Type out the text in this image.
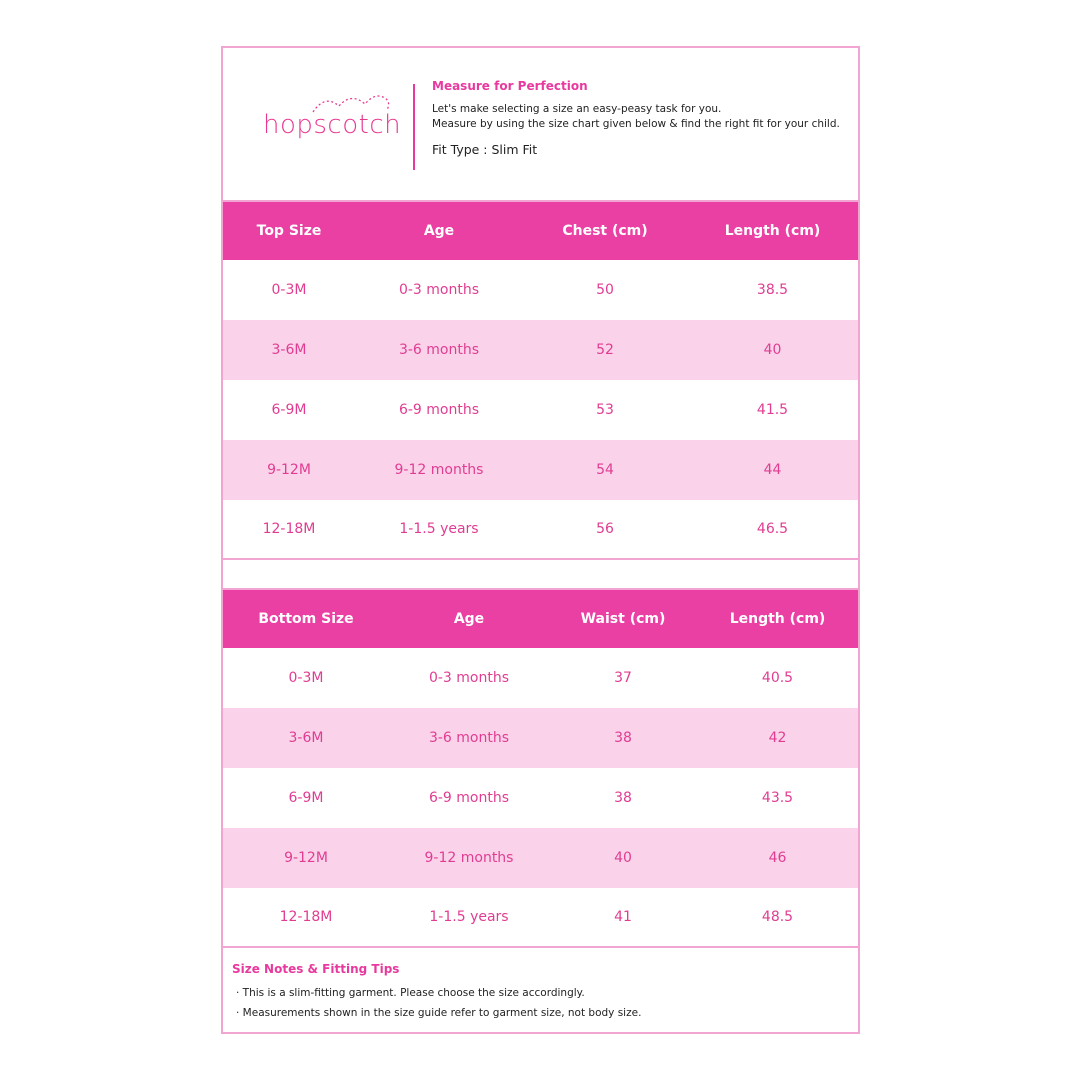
hopscotch
Measure for Perfection
Let's make selecting a size an easy-peasy task for you.
Measure by using the size chart given below & find the right fit for your child.
Fit Type : Slim Fit
Top Size	Age	Chest (cm)	Length (cm)
0-3M	0-3 months	50	38.5
3-6M	3-6 months	52	40
6-9M	6-9 months	53	41.5
9-12M	9-12 months	54	44
12-18M	1-1.5 years	56	46.5
Bottom Size	Age	Waist (cm)	Length (cm)
0-3M	0-3 months	37	40.5
3-6M	3-6 months	38	42
6-9M	6-9 months	38	43.5
9-12M	9-12 months	40	46
12-18M	1-1.5 years	41	48.5
Size Notes & Fitting Tips
· This is a slim-fitting garment. Please choose the size accordingly.
· Measurements shown in the size guide refer to garment size, not body size.
